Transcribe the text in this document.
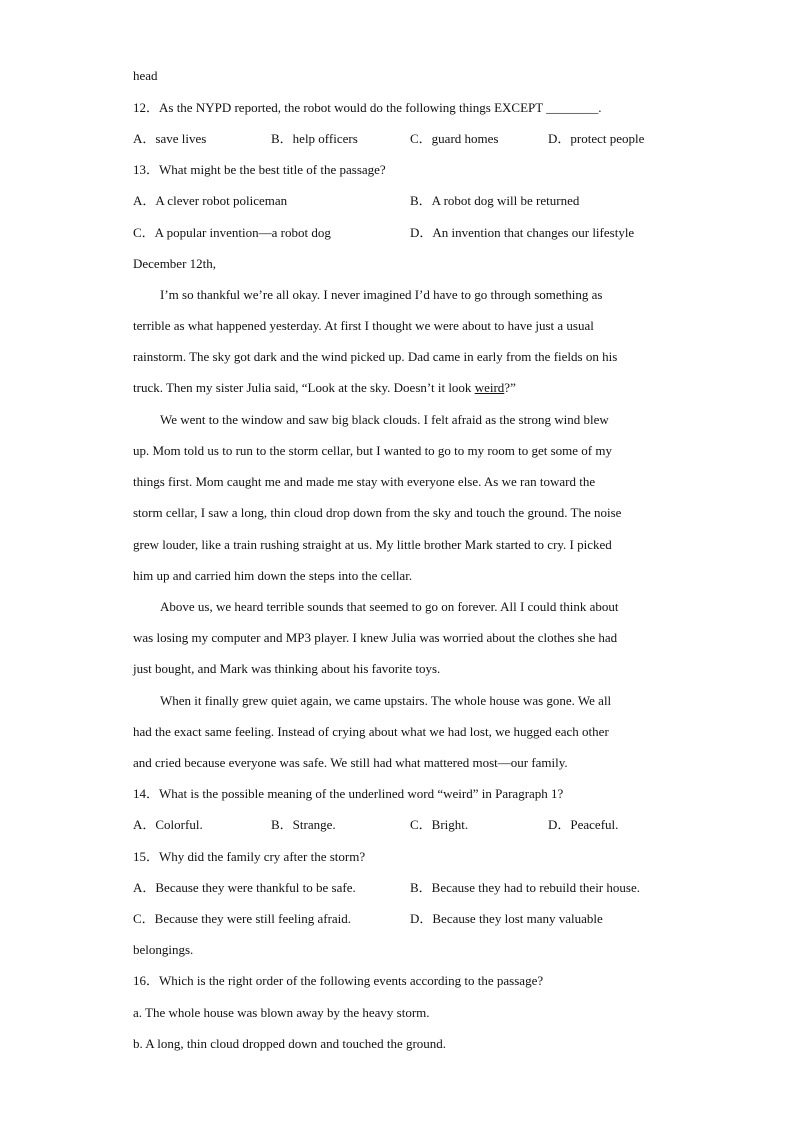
head
12．As the NYPD reported, the robot would do the following things EXCEPT ________.
A．save lives	B．help officers	C．guard homes	D．protect people
13．What might be the best title of the passage?
A．A clever robot policeman	B．A robot dog will be returned
C．A popular invention—a robot dog	D．An invention that changes our lifestyle
December 12th,
I’m so thankful we’re all okay. I never imagined I’d have to go through something as
terrible as what happened yesterday. At first I thought we were about to have just a usual
rainstorm. The sky got dark and the wind picked up. Dad came in early from the fields on his
truck. Then my sister Julia said, “Look at the sky. Doesn’t it look weird?”
We went to the window and saw big black clouds. I felt afraid as the strong wind blew
up. Mom told us to run to the storm cellar, but I wanted to go to my room to get some of my
things first. Mom caught me and made me stay with everyone else. As we ran toward the
storm cellar, I saw a long, thin cloud drop down from the sky and touch the ground. The noise
grew louder, like a train rushing straight at us. My little brother Mark started to cry. I picked
him up and carried him down the steps into the cellar.
Above us, we heard terrible sounds that seemed to go on forever. All I could think about
was losing my computer and MP3 player. I knew Julia was worried about the clothes she had
just bought, and Mark was thinking about his favorite toys.
When it finally grew quiet again, we came upstairs. The whole house was gone. We all
had the exact same feeling. Instead of crying about what we had lost, we hugged each other
and cried because everyone was safe. We still had what mattered most—our family.
14．What is the possible meaning of the underlined word “weird” in Paragraph 1?
A．Colorful.	B．Strange.	C．Bright.	D．Peaceful.
15．Why did the family cry after the storm?
A．Because they were thankful to be safe.	B．Because they had to rebuild their house.
C．Because they were still feeling afraid.	D．Because they lost many valuable
belongings.
16．Which is the right order of the following events according to the passage?
a. The whole house was blown away by the heavy storm.
b. A long, thin cloud dropped down and touched the ground.
